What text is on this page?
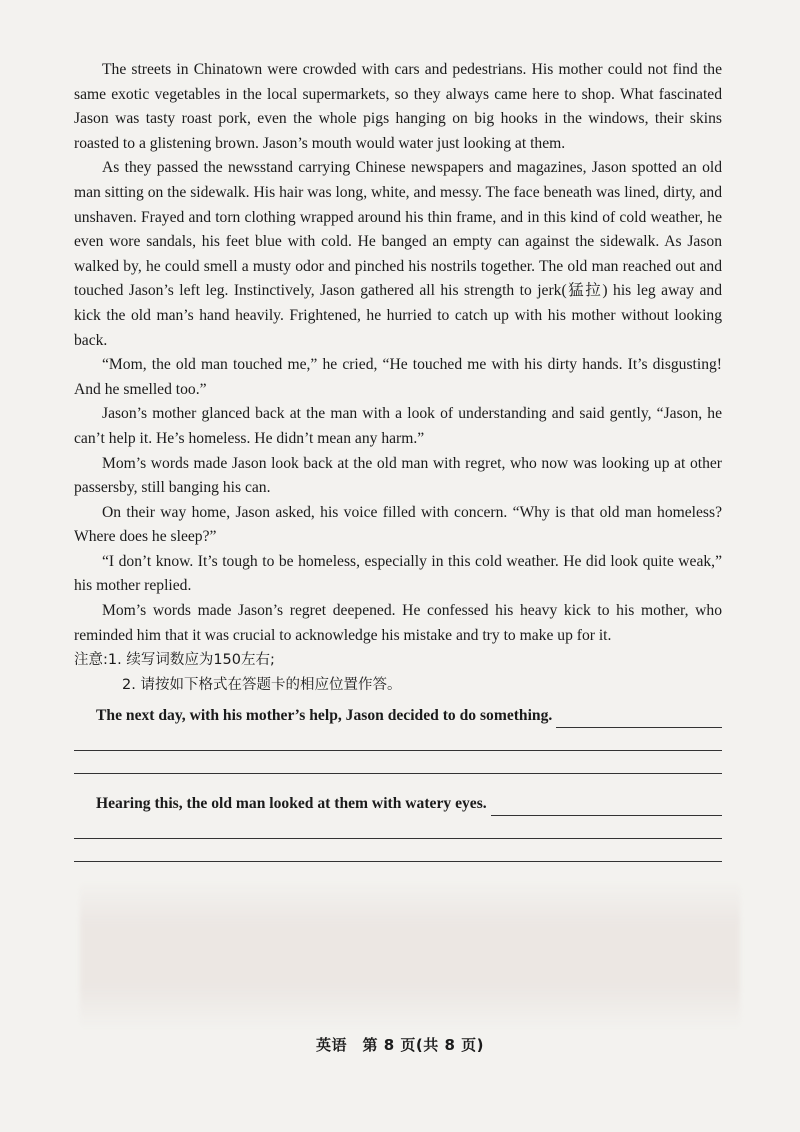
The streets in Chinatown were crowded with cars and pedestrians. His mother could not find the same exotic vegetables in the local supermarkets, so they always came here to shop. What fascinated Jason was tasty roast pork, even the whole pigs hanging on big hooks in the windows, their skins roasted to a glistening brown. Jason’s mouth would water just looking at them.

As they passed the newsstand carrying Chinese newspapers and magazines, Jason spotted an old man sitting on the sidewalk. His hair was long, white, and messy. The face beneath was lined, dirty, and unshaven. Frayed and torn clothing wrapped around his thin frame, and in this kind of cold weather, he even wore sandals, his feet blue with cold. He banged an empty can against the sidewalk. As Jason walked by, he could smell a musty odor and pinched his nostrils together. The old man reached out and touched Jason’s left leg. Instinctively, Jason gathered all his strength to jerk(猛拉) his leg away and kick the old man’s hand heavily. Frightened, he hurried to catch up with his mother without looking back.

“Mom, the old man touched me,” he cried, “He touched me with his dirty hands. It’s disgusting! And he smelled too.”

Jason’s mother glanced back at the man with a look of understanding and said gently, “Jason, he can’t help it. He’s homeless. He didn’t mean any harm.”

Mom’s words made Jason look back at the old man with regret, who now was looking up at other passersby, still banging his can.

On their way home, Jason asked, his voice filled with concern. “Why is that old man homeless? Where does he sleep?”

“I don’t know. It’s tough to be homeless, especially in this cold weather. He did look quite weak,” his mother replied.

Mom’s words made Jason’s regret deepened. He confessed his heavy kick to his mother, who reminded him that it was crucial to acknowledge his mistake and try to make up for it.

注意:1. 续写词数应为150左右;
2. 请按如下格式在答题卡的相应位置作答。
The next day, with his mother’s help, Jason decided to do something.
Hearing this, the old man looked at them with watery eyes.
英语　第 8 页(共 8 页)
